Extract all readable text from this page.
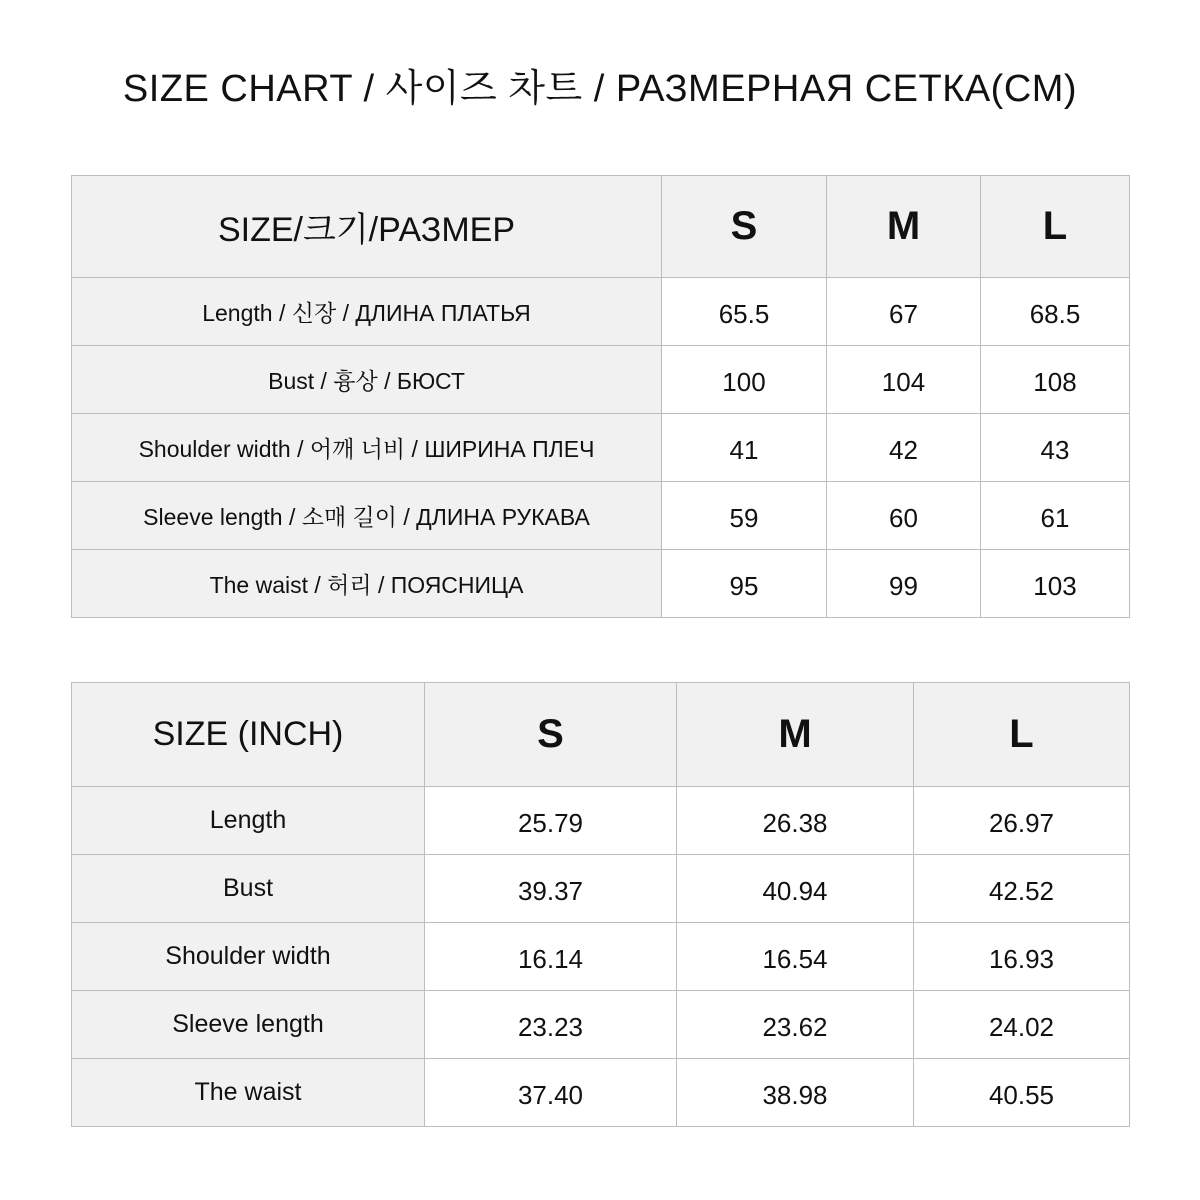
SIZE CHART / 사이즈 차트 / РАЗМЕРНАЯ СЕТКА(CM)
SIZE/크기/РАЗМЕР	S	M	L
Length / 신장 / ДЛИНА ПЛАТЬЯ	65.5	67	68.5
Bust / 흉상 / БЮСТ	100	104	108
Shoulder width / 어깨 너비 / ШИРИНА ПЛЕЧ	41	42	43
Sleeve length / 소매 길이 / ДЛИНА РУКАВА	59	60	61
The waist / 허리 / ПОЯСНИЦА	95	99	103
SIZE (INCH)	S	M	L
Length	25.79	26.38	26.97
Bust	39.37	40.94	42.52
Shoulder width	16.14	16.54	16.93
Sleeve length	23.23	23.62	24.02
The waist	37.40	38.98	40.55
